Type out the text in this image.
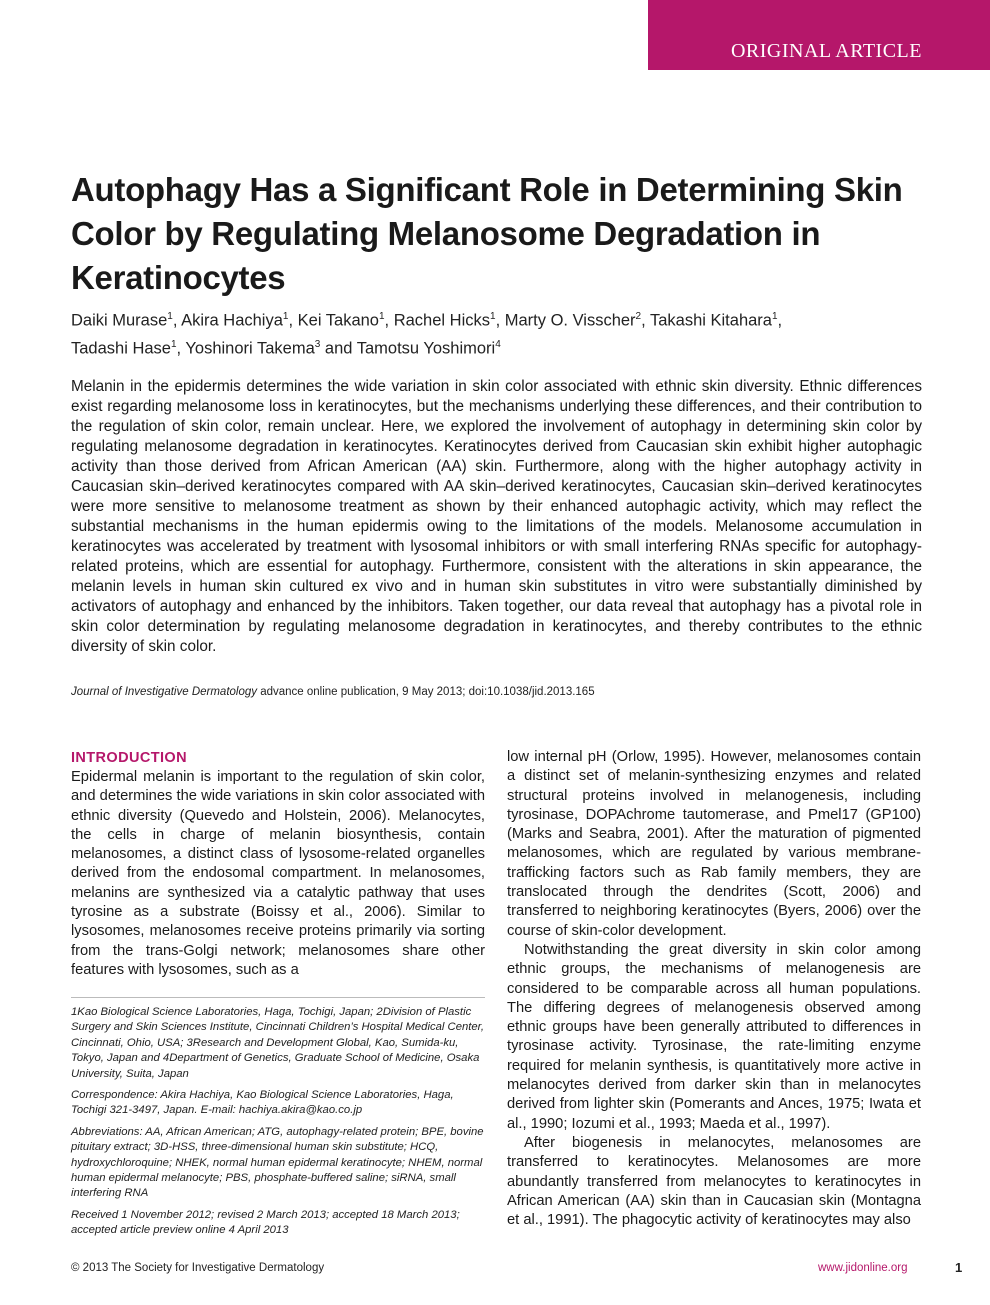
ORIGINAL ARTICLE
Autophagy Has a Significant Role in Determining Skin Color by Regulating Melanosome Degradation in Keratinocytes
Daiki Murase$^1$, Akira Hachiya$^1$, Kei Takano$^1$, Rachel Hicks$^1$, Marty O. Visscher$^2$, Takashi Kitahara$^1$,
Tadashi Hase$^1$, Yoshinori Takema$^3$ and Tamotsu Yoshimori$^4$

Melanin in the epidermis determines the wide variation in skin color associated with ethnic skin diversity. Ethnic differences exist regarding melanosome loss in keratinocytes, but the mechanisms underlying these differences, and their contribution to the regulation of skin color, remain unclear. Here, we explored the involvement of autophagy in determining skin color by regulating melanosome degradation in keratinocytes. Keratinocytes derived from Caucasian skin exhibit higher autophagic activity than those derived from African American (AA) skin. Furthermore, along with the higher autophagy activity in Caucasian skin–derived keratinocytes compared with AA skin–derived keratinocytes, Caucasian skin–derived keratinocytes were more sensitive to melanosome treatment as shown by their enhanced autophagic activity, which may reflect the substantial mechanisms in the human epidermis owing to the limitations of the models. Melanosome accumulation in keratinocytes was accelerated by treatment with lysosomal inhibitors or with small interfering RNAs specific for autophagy-related proteins, which are essential for autophagy. Furthermore, consistent with the alterations in skin appearance, the melanin levels in human skin cultured ex vivo and in human skin substitutes in vitro were substantially diminished by activators of autophagy and enhanced by the inhibitors. Taken together, our data reveal that autophagy has a pivotal role in skin color determination by regulating melanosome degradation in keratinocytes, and thereby contributes to the ethnic diversity of skin color.

Journal of Investigative Dermatology advance online publication, 9 May 2013; doi:10.1038/jid.2013.165

INTRODUCTION

Epidermal melanin is important to the regulation of skin color, and determines the wide variations in skin color associated with ethnic diversity (Quevedo and Holstein, 2006). Melanocytes, the cells in charge of melanin biosynthesis, contain melanosomes, a distinct class of lysosome-related organelles derived from the endosomal compartment. In melanosomes, melanins are synthesized via a catalytic pathway that uses tyrosine as a substrate (Boissy et al., 2006). Similar to lysosomes, melanosomes receive proteins primarily via sorting from the trans-Golgi network; melanosomes share other features with lysosomes, such as a

1Kao Biological Science Laboratories, Haga, Tochigi, Japan; 2Division of Plastic Surgery and Skin Sciences Institute, Cincinnati Children’s Hospital Medical Center, Cincinnati, Ohio, USA; 3Research and Development Global, Kao, Sumida-ku, Tokyo, Japan and 4Department of Genetics, Graduate School of Medicine, Osaka University, Suita, Japan

Correspondence: Akira Hachiya, Kao Biological Science Laboratories, Haga, Tochigi 321-3497, Japan. E-mail: hachiya.akira@kao.co.jp

Abbreviations: AA, African American; ATG, autophagy-related protein; BPE, bovine pituitary extract; 3D-HSS, three-dimensional human skin substitute; HCQ, hydroxychloroquine; NHEK, normal human epidermal keratinocyte; NHEM, normal human epidermal melanocyte; PBS, phosphate-buffered saline; siRNA, small interfering RNA

Received 1 November 2012; revised 2 March 2013; accepted 18 March 2013; accepted article preview online 4 April 2013

low internal pH (Orlow, 1995). However, melanosomes contain a distinct set of melanin-synthesizing enzymes and related structural proteins involved in melanogenesis, including tyrosinase, DOPAchrome tautomerase, and Pmel17 (GP100) (Marks and Seabra, 2001). After the maturation of pigmented melanosomes, which are regulated by various membrane-trafficking factors such as Rab family members, they are translocated through the dendrites (Scott, 2006) and transferred to neighboring keratinocytes (Byers, 2006) over the course of skin-color development.

Notwithstanding the great diversity in skin color among ethnic groups, the mechanisms of melanogenesis are considered to be comparable across all human populations. The differing degrees of melanogenesis observed among ethnic groups have been generally attributed to differences in tyrosinase activity. Tyrosinase, the rate-limiting enzyme required for melanin synthesis, is quantitatively more active in melanocytes derived from darker skin than in melanocytes derived from lighter skin (Pomerants and Ances, 1975; Iwata et al., 1990; Iozumi et al., 1993; Maeda et al., 1997).

After biogenesis in melanocytes, melanosomes are transferred to keratinocytes. Melanosomes are more abundantly transferred from melanocytes to keratinocytes in African American (AA) skin than in Caucasian skin (Montagna et al., 1991). The phagocytic activity of keratinocytes may also

© 2013 The Society for Investigative Dermatology	www.jidonline.org	1
